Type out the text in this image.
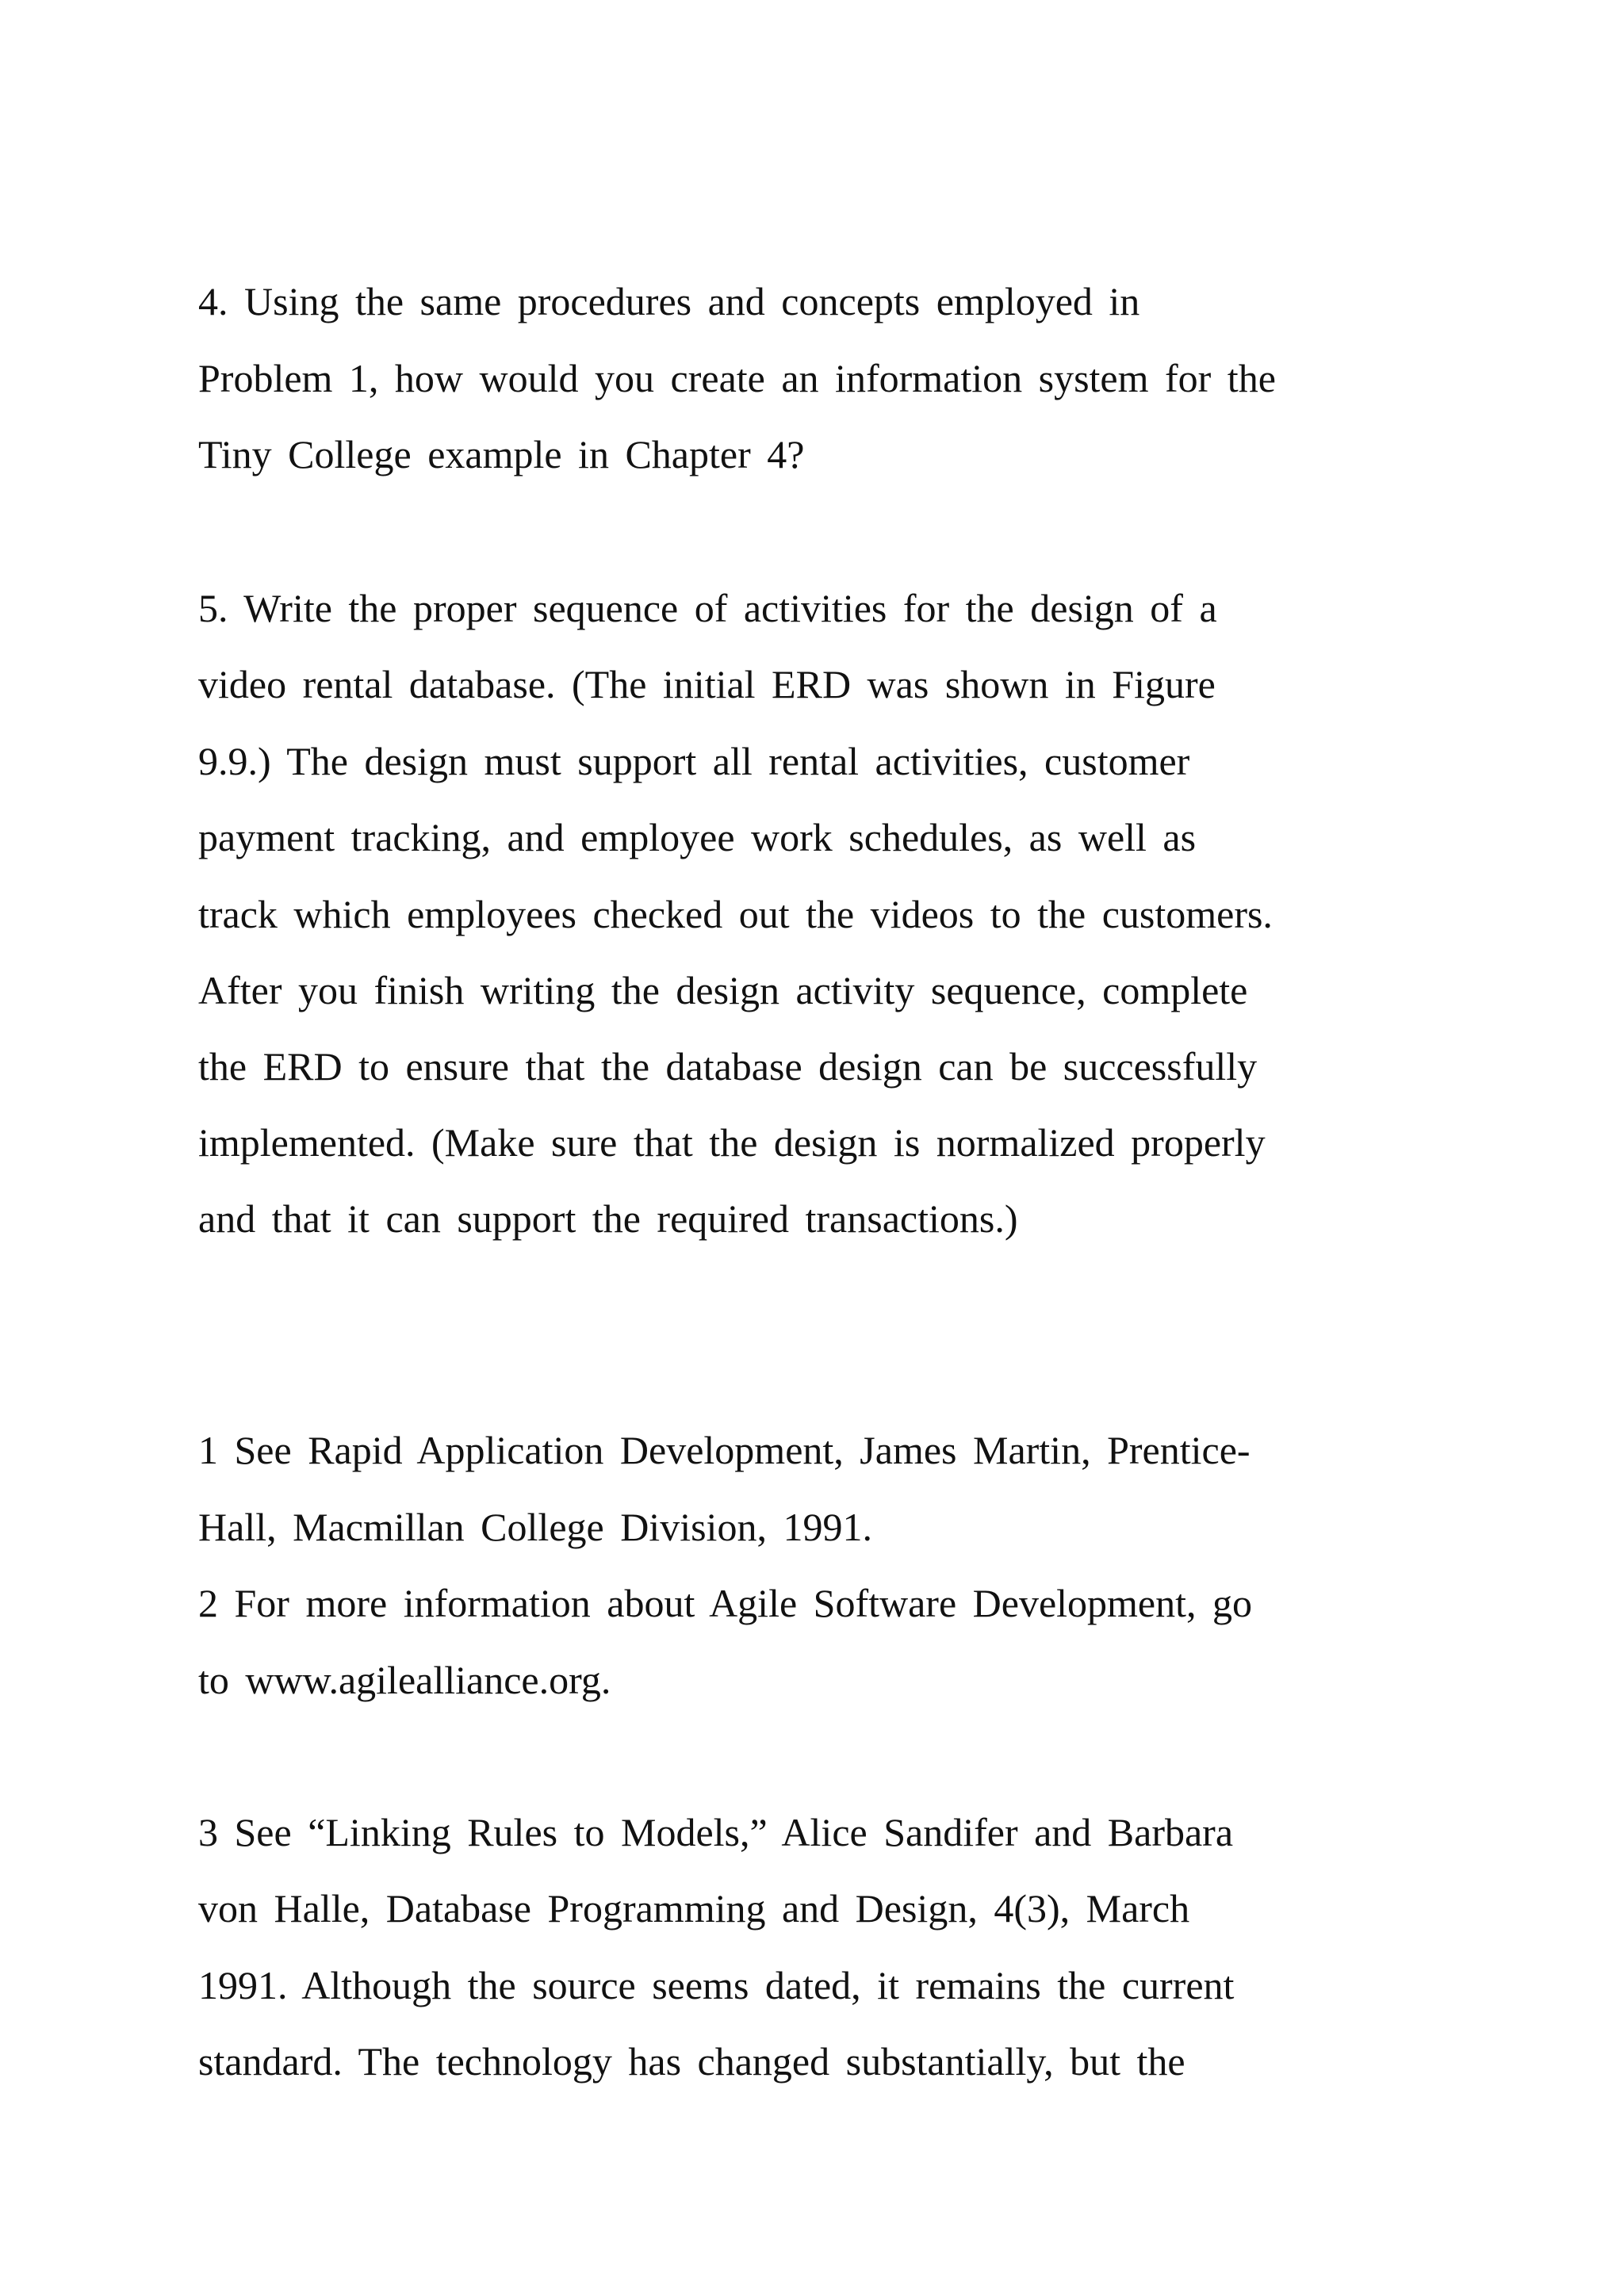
4. Using the same procedures and concepts employed in
Problem 1, how would you create an information system for the
Tiny College example in Chapter 4?
5. Write the proper sequence of activities for the design of a
video rental database. (The initial ERD was shown in Figure
9.9.) The design must support all rental activities, customer
payment tracking, and employee work schedules, as well as
track which employees checked out the videos to the customers.
After you finish writing the design activity sequence, complete
the ERD to ensure that the database design can be successfully
implemented. (Make sure that the design is normalized properly
and that it can support the required transactions.)
1 See Rapid Application Development, James Martin, Prentice-
Hall, Macmillan College Division, 1991.
2 For more information about Agile Software Development, go
to www.agilealliance.org.
3 See “Linking Rules to Models,” Alice Sandifer and Barbara
von Halle, Database Programming and Design, 4(3), March
1991. Although the source seems dated, it remains the current
standard. The technology has changed substantially, but the
